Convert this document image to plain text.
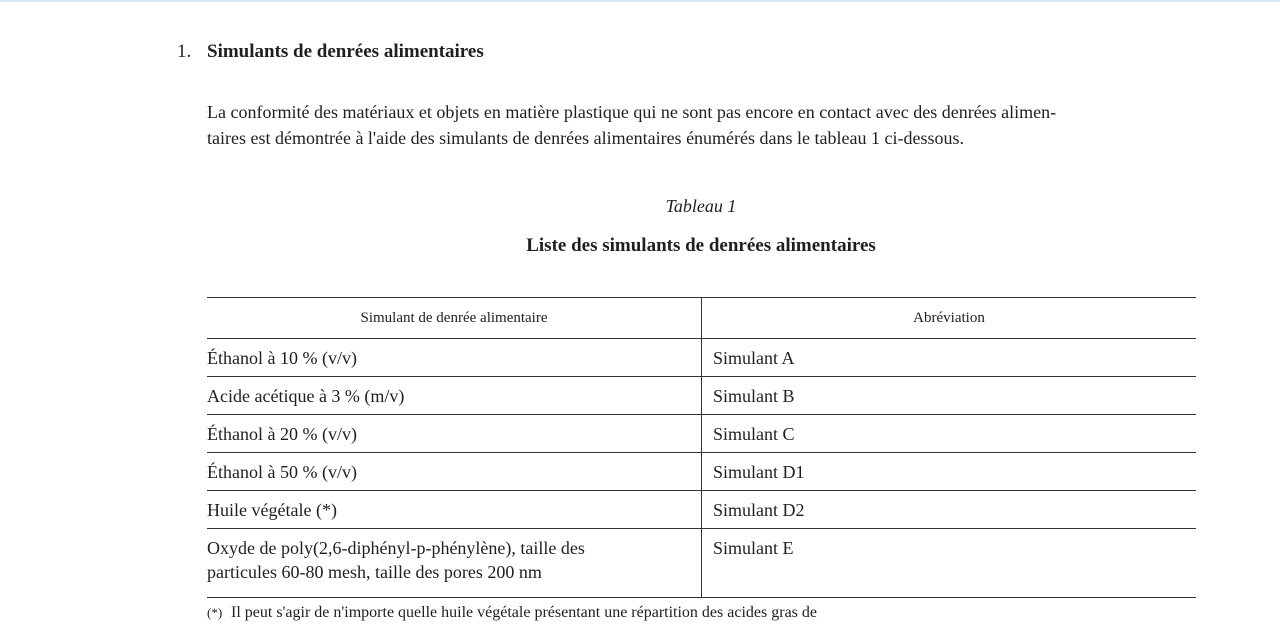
1. Simulants de denrées alimentaires

La conformité des matériaux et objets en matière plastique qui ne sont pas encore en contact avec des denrées alimen-

taires est démontrée à l'aide des simulants de denrées alimentaires énumérés dans le tableau 1 ci-dessous.

Tableau 1
Liste des simulants de denrées alimentaires
Simulant de denrée alimentaire	Abréviation
Éthanol à 10 % (v/v)	Simulant A
Acide acétique à 3 % (m/v)	Simulant B
Éthanol à 20 % (v/v)	Simulant C
Éthanol à 50 % (v/v)	Simulant D1
Huile végétale (*)	Simulant D2

Oxyde de poly(2,6-diphényl-p-phénylène), taille des
particules 60-80 mesh, taille des pores 200 nm	Simulant E
(*) Il peut s'agir de n'importe quelle huile végétale présentant une répartition des acides gras de
